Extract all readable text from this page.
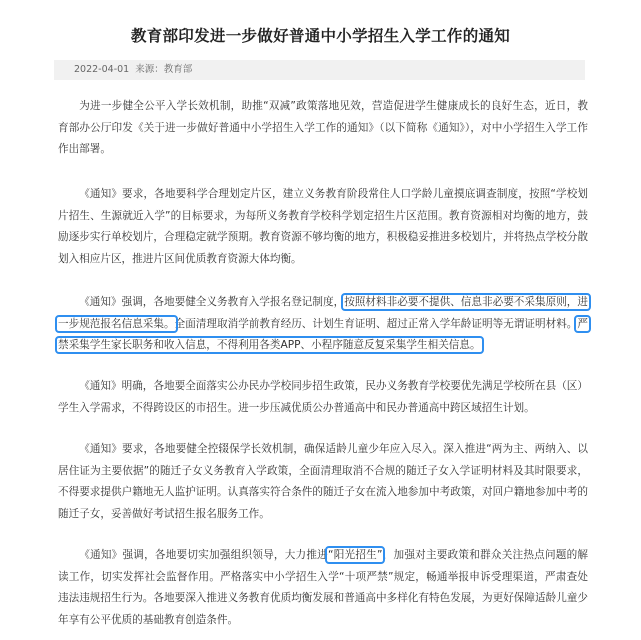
教育部印发进一步做好普通中小学招生入学工作的通知
2022-04-01 来源：教育部

为进一步健全公平入学长效机制，助推“双减”政策落地见效，营造促进学生健康成长的良好生态，近日，教育部办公厅印发《关于进一步做好普通中小学招生入学工作的通知》（以下简称《通知》），对中小学招生入学工作作出部署。

《通知》要求，各地要科学合理划定片区，建立义务教育阶段常住人口学龄儿童摸底调查制度，按照“学校划片招生、生源就近入学”的目标要求，为每所义务教育学校科学划定招生片区范围。教育资源相对均衡的地方，鼓励逐步实行单校划片，合理稳定就学预期。教育资源不够均衡的地方，积极稳妥推进多校划片，并将热点学校分散划入相应片区，推进片区间优质教育资源大体均衡。

《通知》强调，各地要健全义务教育入学报名登记制度，按照材料非必要不提供、信息非必要不采集原则，进一步规范报名信息采集。全面清理取消学前教育经历、计划生育证明、超过正常入学年龄证明等无谓证明材料。严禁采集学生家长职务和收入信息，不得利用各类APP、小程序随意反复采集学生相关信息。

《通知》明确，各地要全面落实公办民办学校同步招生政策，民办义务教育学校要优先满足学校所在县（区）学生入学需求，不得跨设区的市招生。进一步压减优质公办普通高中和民办普通高中跨区域招生计划。

《通知》要求，各地要健全控辍保学长效机制，确保适龄儿童少年应入尽入。深入推进“两为主、两纳入、以居住证为主要依据”的随迁子女义务教育入学政策，全面清理取消不合规的随迁子女入学证明材料及其时限要求，不得要求提供户籍地无人监护证明。认真落实符合条件的随迁子女在流入地参加中考政策，对回户籍地参加中考的随迁子女，妥善做好考试招生报名服务工作。

《通知》强调，各地要切实加强组织领导，大力推进“阳光招生”，加强对主要政策和群众关注热点问题的解读工作，切实发挥社会监督作用。严格落实中小学招生入学“十项严禁”规定，畅通举报申诉受理渠道，严肃查处违法违规招生行为。各地要深入推进义务教育优质均衡发展和普通高中多样化有特色发展，为更好保障适龄儿童少年享有公平优质的基础教育创造条件。
